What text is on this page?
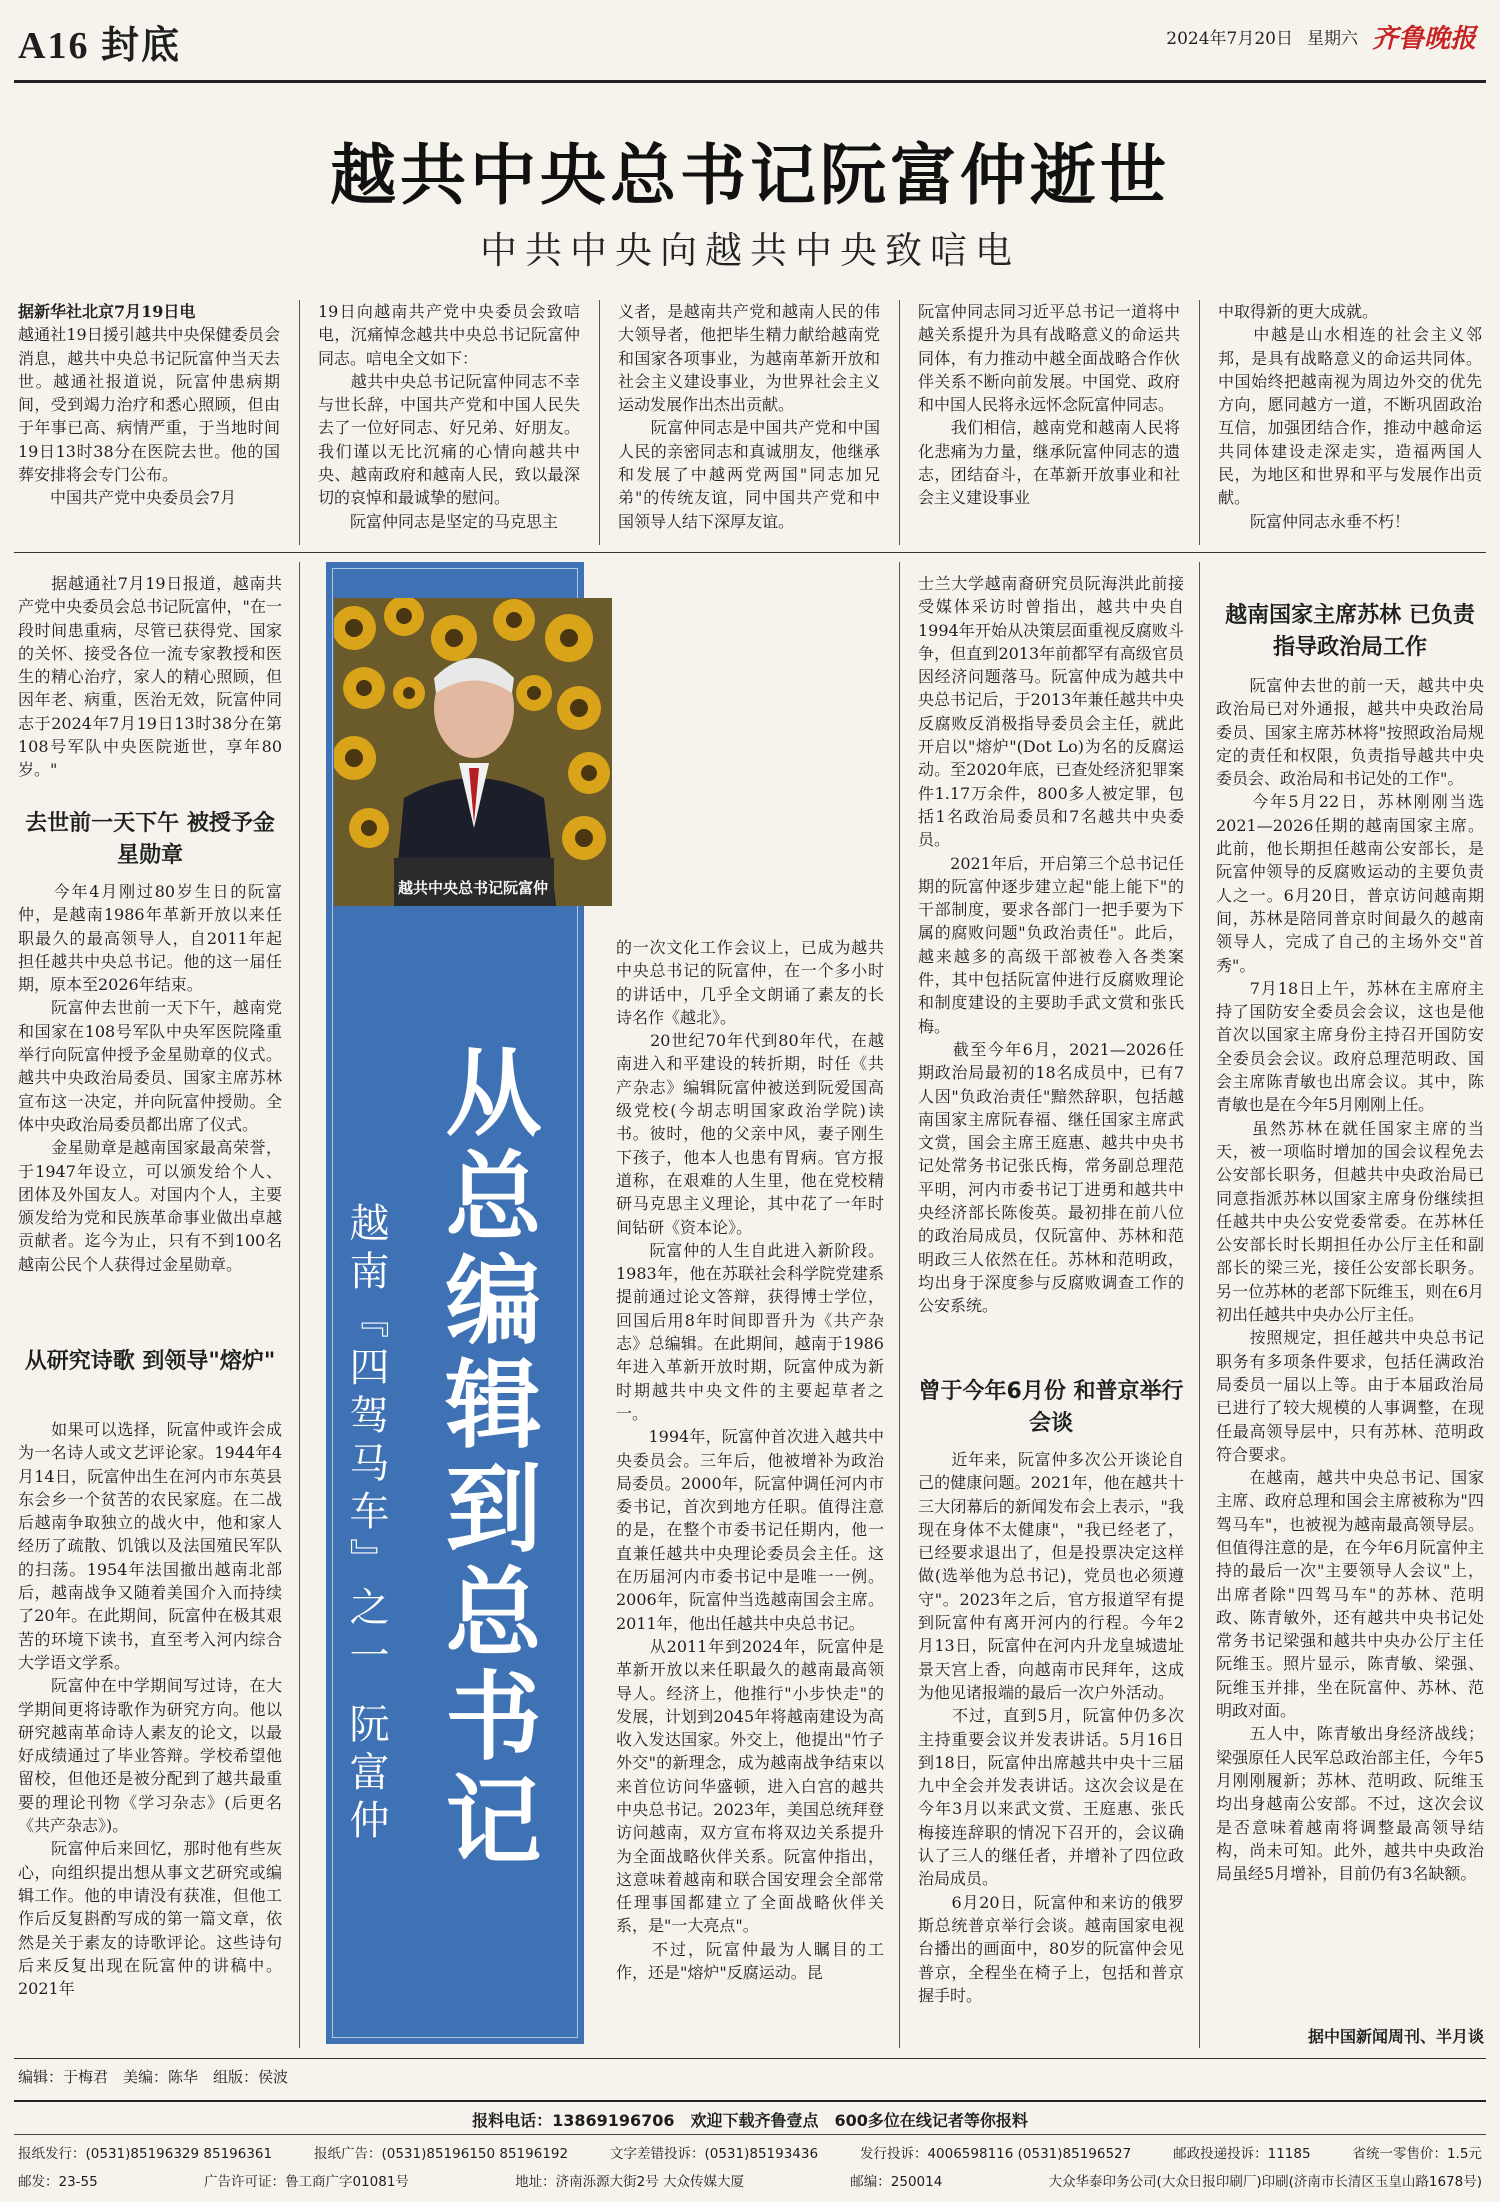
A16 封底	2024年7月20日 星期六 齐鲁晚报
越共中央总书记阮富仲逝世
中共中央向越共中央致唁电
据新华社北京7月19日电
越通社19日援引越共中央保健委员会消息，越共中央总书记阮富仲当天去世。越通社报道说，阮富仲患病期间，受到竭力治疗和悉心照顾，但由于年事已高、病情严重，于当地时间19日13时38分在医院去世。他的国葬安排将会专门公布。
　　中国共产党中央委员会7月
19日向越南共产党中央委员会致唁电，沉痛悼念越共中央总书记阮富仲同志。唁电全文如下：
　　越共中央总书记阮富仲同志不幸与世长辞，中国共产党和中国人民失去了一位好同志、好兄弟、好朋友。我们谨以无比沉痛的心情向越共中央、越南政府和越南人民，致以最深切的哀悼和最诚挚的慰问。
　　阮富仲同志是坚定的马克思主
义者，是越南共产党和越南人民的伟大领导者，他把毕生精力献给越南党和国家各项事业，为越南革新开放和社会主义建设事业，为世界社会主义运动发展作出杰出贡献。
　　阮富仲同志是中国共产党和中国人民的亲密同志和真诚朋友，他继承和发展了中越两党两国"同志加兄弟"的传统友谊，同中国共产党和中国领导人结下深厚友谊。
阮富仲同志同习近平总书记一道将中越关系提升为具有战略意义的命运共同体，有力推动中越全面战略合作伙伴关系不断向前发展。中国党、政府和中国人民将永远怀念阮富仲同志。
　　我们相信，越南党和越南人民将化悲痛为力量，继承阮富仲同志的遗志，团结奋斗，在革新开放事业和社会主义建设事业
中取得新的更大成就。
　　中越是山水相连的社会主义邻邦，是具有战略意义的命运共同体。中国始终把越南视为周边外交的优先方向，愿同越方一道，不断巩固政治互信，加强团结合作，推动中越命运共同体建设走深走实，造福两国人民，为地区和世界和平与发展作出贡献。
　　阮富仲同志永垂不朽！
从总编辑到总书记
越南『四驾马车』之一 阮富仲
越共中央总书记阮富仲
　　据越通社7月19日报道，越南共产党中央委员会总书记阮富仲，"在一段时间患重病，尽管已获得党、国家的关怀、接受各位一流专家教授和医生的精心治疗，家人的精心照顾，但因年老、病重，医治无效，阮富仲同志于2024年7月19日13时38分在第108号军队中央医院逝世，享年80岁。"
去世前一天下午 被授予金星勋章
　　今年4月刚过80岁生日的阮富仲，是越南1986年革新开放以来任职最久的最高领导人，自2011年起担任越共中央总书记。他的这一届任期，原本至2026年结束。
　　阮富仲去世前一天下午，越南党和国家在108号军队中央军医院隆重举行向阮富仲授予金星勋章的仪式。越共中央政治局委员、国家主席苏林宣布这一决定，并向阮富仲授勋。全体中央政治局委员都出席了仪式。
　　金星勋章是越南国家最高荣誉，于1947年设立，可以颁发给个人、团体及外国友人。对国内个人，主要颁发给为党和民族革命事业做出卓越贡献者。迄今为止，只有不到100名越南公民个人获得过金星勋章。
从研究诗歌 到领导"熔炉"
　　如果可以选择，阮富仲或许会成为一名诗人或文艺评论家。1944年4月14日，阮富仲出生在河内市东英县东会乡一个贫苦的农民家庭。在二战后越南争取独立的战火中，他和家人经历了疏散、饥饿以及法国殖民军队的扫荡。1954年法国撤出越南北部后，越南战争又随着美国介入而持续了20年。在此期间，阮富仲在极其艰苦的环境下读书，直至考入河内综合大学语文学系。
　　阮富仲在中学期间写过诗，在大学期间更将诗歌作为研究方向。他以研究越南革命诗人素友的论文，以最好成绩通过了毕业答辩。学校希望他留校，但他还是被分配到了越共最重要的理论刊物《学习杂志》(后更名《共产杂志》)。
　　阮富仲后来回忆，那时他有些灰心，向组织提出想从事文艺研究或编辑工作。他的申请没有获准，但他工作后反复斟酌写成的第一篇文章，依然是关于素友的诗歌评论。这些诗句后来反复出现在阮富仲的讲稿中。2021年
的一次文化工作会议上，已成为越共中央总书记的阮富仲，在一个多小时的讲话中，几乎全文朗诵了素友的长诗名作《越北》。
　　20世纪70年代到80年代，在越南进入和平建设的转折期，时任《共产杂志》编辑阮富仲被送到阮爱国高级党校(今胡志明国家政治学院)读书。彼时，他的父亲中风，妻子刚生下孩子，他本人也患有胃病。官方报道称，在艰难的人生里，他在党校精研马克思主义理论，其中花了一年时间钻研《资本论》。
　　阮富仲的人生自此进入新阶段。1983年，他在苏联社会科学院党建系提前通过论文答辩，获得博士学位，回国后用8年时间即晋升为《共产杂志》总编辑。在此期间，越南于1986年进入革新开放时期，阮富仲成为新时期越共中央文件的主要起草者之一。
　　1994年，阮富仲首次进入越共中央委员会。三年后，他被增补为政治局委员。2000年，阮富仲调任河内市委书记，首次到地方任职。值得注意的是，在整个市委书记任期内，他一直兼任越共中央理论委员会主任。这在历届河内市委书记中是唯一一例。2006年，阮富仲当选越南国会主席。2011年，他出任越共中央总书记。
　　从2011年到2024年，阮富仲是革新开放以来任职最久的越南最高领导人。经济上，他推行"小步快走"的发展，计划到2045年将越南建设为高收入发达国家。外交上，他提出"竹子外交"的新理念，成为越南战争结束以来首位访问华盛顿，进入白宫的越共中央总书记。2023年，美国总统拜登访问越南，双方宣布将双边关系提升为全面战略伙伴关系。阮富仲指出，这意味着越南和联合国安理会全部常任理事国都建立了全面战略伙伴关系，是"一大亮点"。
　　不过，阮富仲最为人瞩目的工作，还是"熔炉"反腐运动。昆
士兰大学越南裔研究员阮海洪此前接受媒体采访时曾指出，越共中央自1994年开始从决策层面重视反腐败斗争，但直到2013年前都罕有高级官员因经济问题落马。阮富仲成为越共中央总书记后，于2013年兼任越共中央反腐败反消极指导委员会主任，就此开启以"熔炉"(Dot Lo)为名的反腐运动。至2020年底，已查处经济犯罪案件1.17万余件，800多人被定罪，包括1名政治局委员和7名越共中央委员。
　　2021年后，开启第三个总书记任期的阮富仲逐步建立起"能上能下"的干部制度，要求各部门一把手要为下属的腐败问题"负政治责任"。此后，越来越多的高级干部被卷入各类案件，其中包括阮富仲进行反腐败理论和制度建设的主要助手武文赏和张氏梅。
　　截至今年6月，2021—2026任期政治局最初的18名成员中，已有7人因"负政治责任"黯然辞职，包括越南国家主席阮春福、继任国家主席武文赏，国会主席王庭惠、越共中央书记处常务书记张氏梅，常务副总理范平明，河内市委书记丁进勇和越共中央经济部长陈俊英。最初排在前八位的政治局成员，仅阮富仲、苏林和范明政三人依然在任。苏林和范明政，均出身于深度参与反腐败调查工作的公安系统。
曾于今年6月份 和普京举行会谈
　　近年来，阮富仲多次公开谈论自己的健康问题。2021年，他在越共十三大闭幕后的新闻发布会上表示，"我现在身体不太健康"，"我已经老了，已经要求退出了，但是投票决定这样做(选举他为总书记)，党员也必须遵守"。2023年之后，官方报道罕有提到阮富仲有离开河内的行程。今年2月13日，阮富仲在河内升龙皇城遗址景天宫上香，向越南市民拜年，这成为他见诸报端的最后一次户外活动。
　　不过，直到5月，阮富仲仍多次主持重要会议并发表讲话。5月16日到18日，阮富仲出席越共中央十三届九中全会并发表讲话。这次会议是在今年3月以来武文赏、王庭惠、张氏梅接连辞职的情况下召开的，会议确认了三人的继任者，并增补了四位政治局成员。
　　6月20日，阮富仲和来访的俄罗斯总统普京举行会谈。越南国家电视台播出的画面中，80岁的阮富仲会见普京，全程坐在椅子上，包括和普京握手时。
越南国家主席苏林 已负责指导政治局工作
　　阮富仲去世的前一天，越共中央政治局已对外通报，越共中央政治局委员、国家主席苏林将"按照政治局规定的责任和权限，负责指导越共中央委员会、政治局和书记处的工作"。
　　今年5月22日，苏林刚刚当选2021—2026任期的越南国家主席。此前，他长期担任越南公安部长，是阮富仲领导的反腐败运动的主要负责人之一。6月20日，普京访问越南期间，苏林是陪同普京时间最久的越南领导人，完成了自己的主场外交"首秀"。
　　7月18日上午，苏林在主席府主持了国防安全委员会会议，这也是他首次以国家主席身份主持召开国防安全委员会会议。政府总理范明政、国会主席陈青敏也出席会议。其中，陈青敏也是在今年5月刚刚上任。
　　虽然苏林在就任国家主席的当天，被一项临时增加的国会议程免去公安部长职务，但越共中央政治局已同意指派苏林以国家主席身份继续担任越共中央公安党委常委。在苏林任公安部长时长期担任办公厅主任和副部长的梁三光，接任公安部长职务。另一位苏林的老部下阮维玉，则在6月初出任越共中央办公厅主任。
　　按照规定，担任越共中央总书记职务有多项条件要求，包括任满政治局委员一届以上等。由于本届政治局已进行了较大规模的人事调整，在现任最高领导层中，只有苏林、范明政符合要求。
　　在越南，越共中央总书记、国家主席、政府总理和国会主席被称为"四驾马车"，也被视为越南最高领导层。但值得注意的是，在今年6月阮富仲主持的最后一次"主要领导人会议"上，出席者除"四驾马车"的苏林、范明政、陈青敏外，还有越共中央书记处常务书记梁强和越共中央办公厅主任阮维玉。照片显示，陈青敏、梁强、阮维玉并排，坐在阮富仲、苏林、范明政对面。
　　五人中，陈青敏出身经济战线；梁强原任人民军总政治部主任，今年5月刚刚履新；苏林、范明政、阮维玉均出身越南公安部。不过，这次会议是否意味着越南将调整最高领导结构，尚未可知。此外，越共中央政治局虽经5月增补，目前仍有3名缺额。
据中国新闻周刊、半月谈
编辑：于梅君　美编：陈华　组版：侯波
报料电话：13869196706　欢迎下载齐鲁壹点　600多位在线记者等你报料
报纸发行：(0531)85196329 85196361	报纸广告：(0531)85196150 85196192	文字差错投诉：(0531)85193436	发行投诉：4006598116 (0531)85196527	邮政投递投诉：11185	省统一零售价：1.5元
邮发：23-55	广告许可证：鲁工商广字01081号	地址：济南泺源大街2号 大众传媒大厦	邮编：250014	大众华泰印务公司(大众日报印刷厂)印刷(济南市长清区玉皇山路1678号)
